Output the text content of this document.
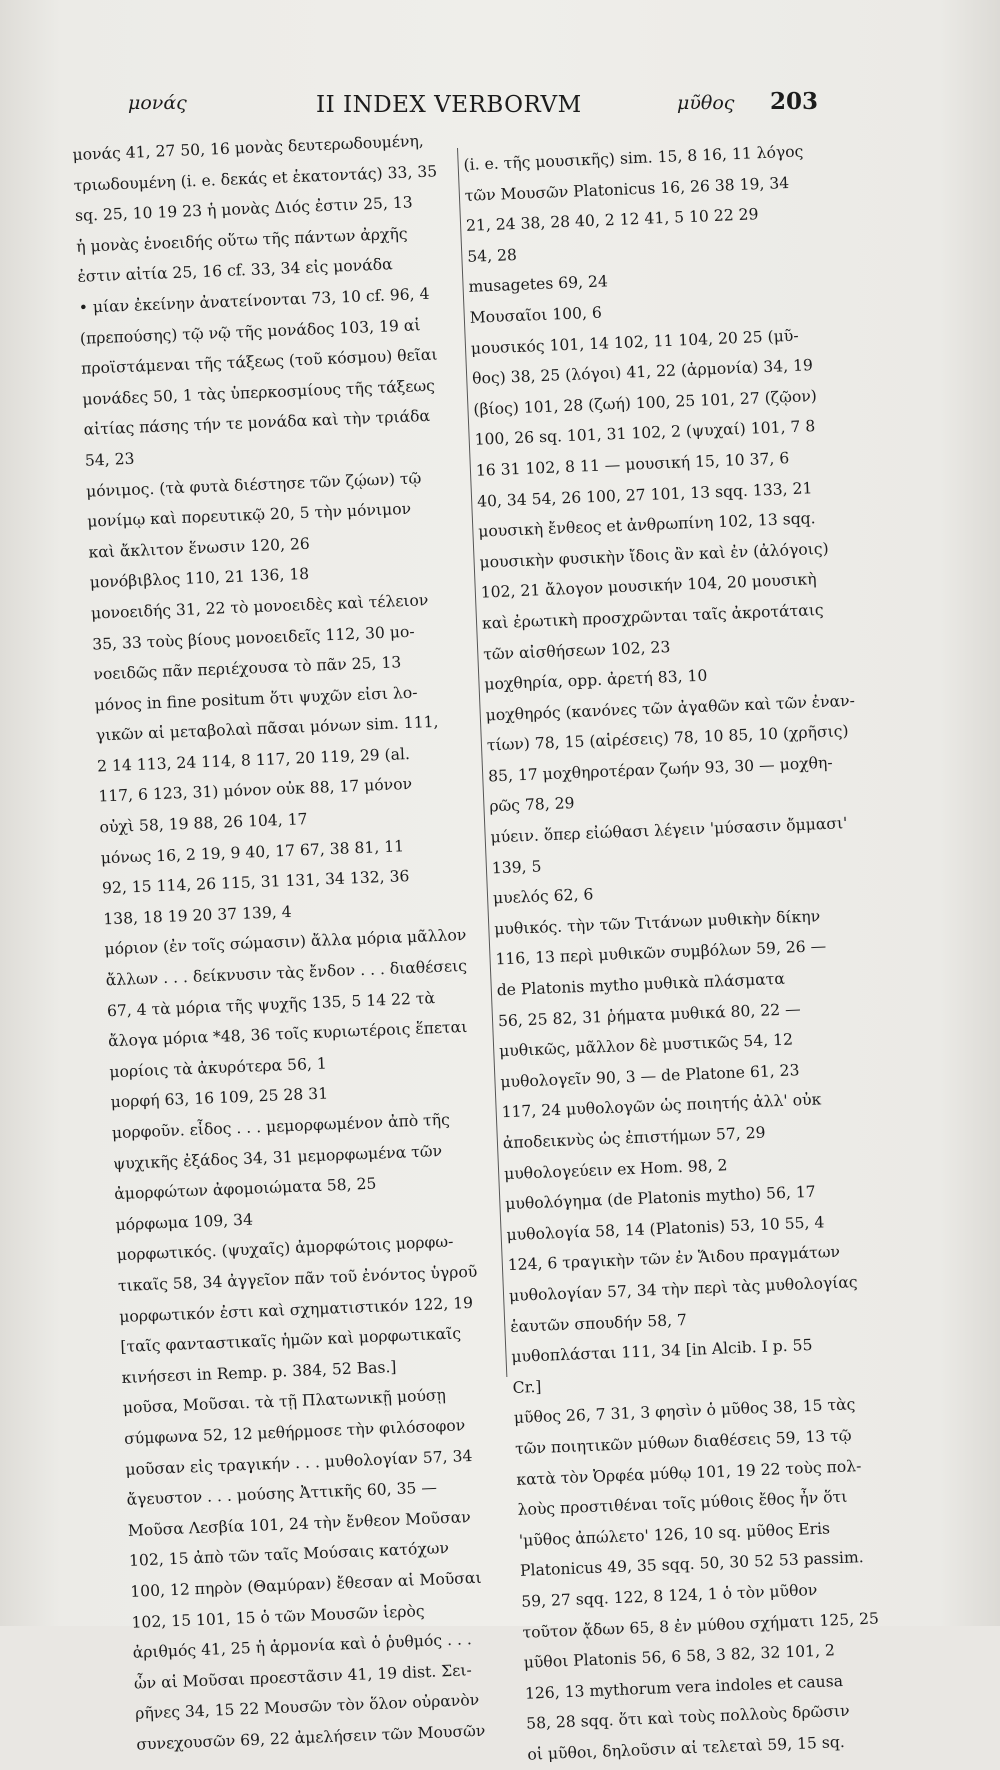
μονάς	II INDEX VERBORVM	μῦθος 203
μονάς 41, 27 50, 16 μονὰς δευτερωδουμένη,
τριωδουμένη (i. e. δεκάς et ἑκατοντάς) 33, 35
sq. 25, 10 19 23 ἡ μονὰς Διός ἐστιν 25, 13
ἡ μονὰς ἑνοειδής οὕτω τῆς πάντων ἀρχῆς
ἐστιν αἰτία 25, 16 cf. 33, 34 εἰς μονάδα
• μίαν ἐκείνην ἀνατείνονται 73, 10 cf. 96, 4
(πρεπούσης) τῷ νῷ τῆς μονάδος 103, 19 αἱ
προϊστάμεναι τῆς τάξεως (τοῦ κόσμου) θεῖαι
μονάδες 50, 1 τὰς ὑπερκοσμίους τῆς τάξεως
αἰτίας πάσης τήν τε μονάδα καὶ τὴν τριάδα
54, 23
μόνιμος. (τὰ φυτὰ διέστησε τῶν ζῴων) τῷ
μονίμῳ καὶ πορευτικῷ 20, 5 τὴν μόνιμον
καὶ ἄκλιτον ἕνωσιν 120, 26
μονόβιβλος 110, 21 136, 18
μονοειδής 31, 22 τὸ μονοειδὲς καὶ τέλειον
35, 33 τοὺς βίους μονοειδεῖς 112, 30 μο-
νοειδῶς πᾶν περιέχουσα τὸ πᾶν 25, 13
μόνος in fine positum ὅτι ψυχῶν εἰσι λο-
γικῶν αἱ μεταβολαὶ πᾶσαι μόνων sim. 111,
2 14 113, 24 114, 8 117, 20 119, 29 (al.
117, 6 123, 31) μόνον οὐκ 88, 17 μόνον
οὐχὶ 58, 19 88, 26 104, 17
μόνως 16, 2 19, 9 40, 17 67, 38 81, 11
92, 15 114, 26 115, 31 131, 34 132, 36
138, 18 19 20 37 139, 4
μόριον (ἐν τοῖς σώμασιν) ἄλλα μόρια μᾶλλον
ἄλλων . . . δείκνυσιν τὰς ἔνδον . . . διαθέσεις
67, 4 τὰ μόρια τῆς ψυχῆς 135, 5 14 22 τὰ
ἄλογα μόρια *48, 36 τοῖς κυριωτέροις ἕπεται
μορίοις τὰ ἀκυρότερα 56, 1
μορφή 63, 16 109, 25 28 31
μορφοῦν. εἶδος . . . μεμορφωμένον ἀπὸ τῆς
ψυχικῆς ἐξάδος 34, 31 μεμορφωμένα τῶν
ἀμορφώτων ἀφομοιώματα 58, 25
μόρφωμα 109, 34
μορφωτικός. (ψυχαῖς) ἀμορφώτοις μορφω-
τικαῖς 58, 34 ἀγγεῖον πᾶν τοῦ ἐνόντος ὑγροῦ
μορφωτικόν ἐστι καὶ σχηματιστικόν 122, 19
[ταῖς φανταστικαῖς ἡμῶν καὶ μορφωτικαῖς
κινήσεσι in Remp. p. 384, 52 Bas.]
μοῦσα, Μοῦσαι. τὰ τῇ Πλατωνικῇ μούσῃ
σύμφωνα 52, 12 μεθήρμοσε τὴν φιλόσοφον
μοῦσαν εἰς τραγικήν . . . μυθολογίαν 57, 34
ἄγευστον . . . μούσης Ἀττικῆς 60, 35 —
Μοῦσα Λεσβία 101, 24 τὴν ἔνθεον Μοῦσαν
102, 15 ἀπὸ τῶν ταῖς Μούσαις κατόχων
100, 12 πηρὸν (Θαμύραν) ἔθεσαν αἱ Μοῦσαι
102, 15 101, 15 ὁ τῶν Μουσῶν ἱερὸς
ἀριθμός 41, 25 ἡ ἁρμονία καὶ ὁ ῥυθμός . . .
ὧν αἱ Μοῦσαι προεστᾶσιν 41, 19 dist. Σει-
ρῆνες 34, 15 22 Μουσῶν τὸν ὅλον οὐρανὸν
συνεχουσῶν 69, 22 ἀμελήσειν τῶν Μουσῶν
(i. e. τῆς μουσικῆς) sim. 15, 8 16, 11 λόγος
τῶν Μουσῶν Platonicus 16, 26 38 19, 34
21, 24 38, 28 40, 2 12 41, 5 10 22 29
54, 28
musagetes 69, 24
Μουσαῖοι 100, 6
μουσικός 101, 14 102, 11 104, 20 25 (μῦ-
θος) 38, 25 (λόγοι) 41, 22 (ἁρμονία) 34, 19
(βίος) 101, 28 (ζωή) 100, 25 101, 27 (ζῷον)
100, 26 sq. 101, 31 102, 2 (ψυχαί) 101, 7 8
16 31 102, 8 11 — μουσική 15, 10 37, 6
40, 34 54, 26 100, 27 101, 13 sqq. 133, 21
μουσικὴ ἔνθεος et ἀνθρωπίνη 102, 13 sqq.
μουσικὴν φυσικὴν ἴδοις ἂν καὶ ἐν (ἀλόγοις)
102, 21 ἄλογον μουσικήν 104, 20 μουσικὴ
καὶ ἐρωτικὴ προσχρῶνται ταῖς ἀκροτάταις
τῶν αἰσθήσεων 102, 23
μοχθηρία, opp. ἀρετή 83, 10
μοχθηρός (κανόνες τῶν ἀγαθῶν καὶ τῶν ἐναν-
τίων) 78, 15 (αἱρέσεις) 78, 10 85, 10 (χρῆσις)
85, 17 μοχθηροτέραν ζωήν 93, 30 — μοχθη-
ρῶς 78, 29
μύειν. ὅπερ εἰώθασι λέγειν 'μύσασιν ὄμμασι'
139, 5
μυελός 62, 6
μυθικός. τὴν τῶν Τιτάνων μυθικὴν δίκην
116, 13 περὶ μυθικῶν συμβόλων 59, 26 —
de Platonis mytho μυθικὰ πλάσματα
56, 25 82, 31 ῥήματα μυθικά 80, 22 —
μυθικῶς, μᾶλλον δὲ μυστικῶς 54, 12
μυθολογεῖν 90, 3 — de Platone 61, 23
117, 24 μυθολογῶν ὡς ποιητής ἀλλ' οὐκ
ἀποδεικνὺς ὡς ἐπιστήμων 57, 29
μυθολογεύειν ex Hom. 98, 2
μυθολόγημα (de Platonis mytho) 56, 17
μυθολογία 58, 14 (Platonis) 53, 10 55, 4
124, 6 τραγικὴν τῶν ἐν Ἅιδου πραγμάτων
μυθολογίαν 57, 34 τὴν περὶ τὰς μυθολογίας
ἑαυτῶν σπουδήν 58, 7
μυθοπλάσται 111, 34 [in Alcib. I p. 55
Cr.]
μῦθος 26, 7 31, 3 φησὶν ὁ μῦθος 38, 15 τὰς
τῶν ποιητικῶν μύθων διαθέσεις 59, 13 τῷ
κατὰ τὸν Ὀρφέα μύθῳ 101, 19 22 τοὺς πολ-
λοὺς προστιθέναι τοῖς μύθοις ἔθος ἦν ὅτι
'μῦθος ἀπώλετο' 126, 10 sq. μῦθος Eris
Platonicus 49, 35 sqq. 50, 30 52 53 passim.
59, 27 sqq. 122, 8 124, 1 ὁ τὸν μῦθον
τοῦτον ᾄδων 65, 8 ἐν μύθου σχήματι 125, 25
μῦθοι Platonis 56, 6 58, 3 82, 32 101, 2
126, 13 mythorum vera indoles et causa
58, 28 sqq. ὅτι καὶ τοὺς πολλοὺς δρῶσιν
οἱ μῦθοι, δηλοῦσιν αἱ τελεταὶ 59, 15 sq.
